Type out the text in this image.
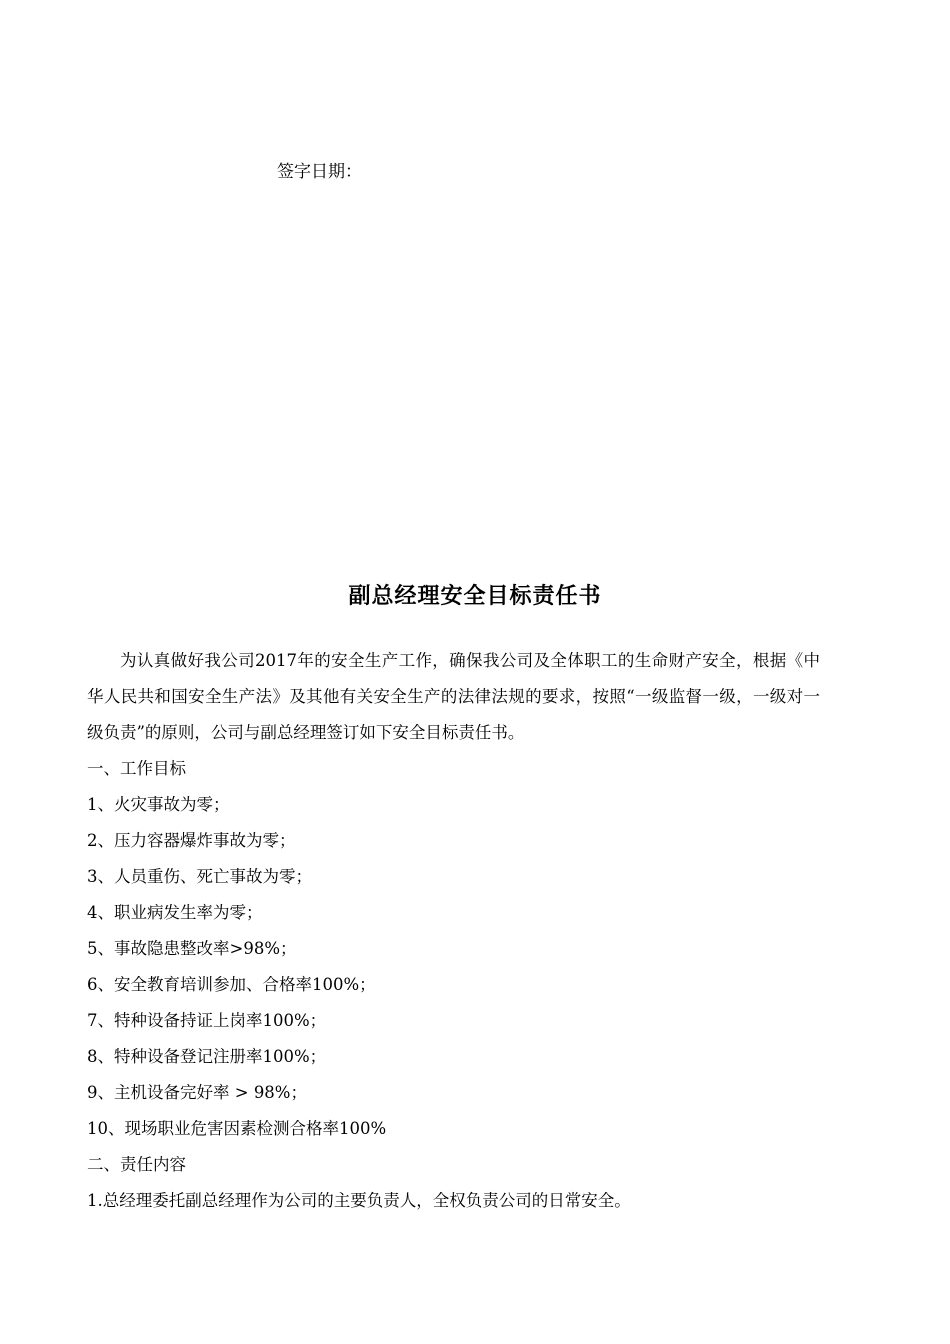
签字日期：
副总经理安全目标责任书

为认真做好我公司2017年的安全生产工作，确保我公司及全体职工的生命财产安全，根据《中华人民共和国安全生产法》及其他有关安全生产的法律法规的要求，按照“一级监督一级，一级对一级负责”的原则，公司与副总经理签订如下安全目标责任书。

一、工作目标

1、火灾事故为零；
2、压力容器爆炸事故为零；
3、人员重伤、死亡事故为零；
4、职业病发生率为零；
5、事故隐患整改率>98%；
6、安全教育培训参加、合格率100%；
7、特种设备持证上岗率100%；
8、特种设备登记注册率100%；
9、主机设备完好率 > 98%；
10、现场职业危害因素检测合格率100%

二、责任内容

1.总经理委托副总经理作为公司的主要负责人，全权负责公司的日常安全。
